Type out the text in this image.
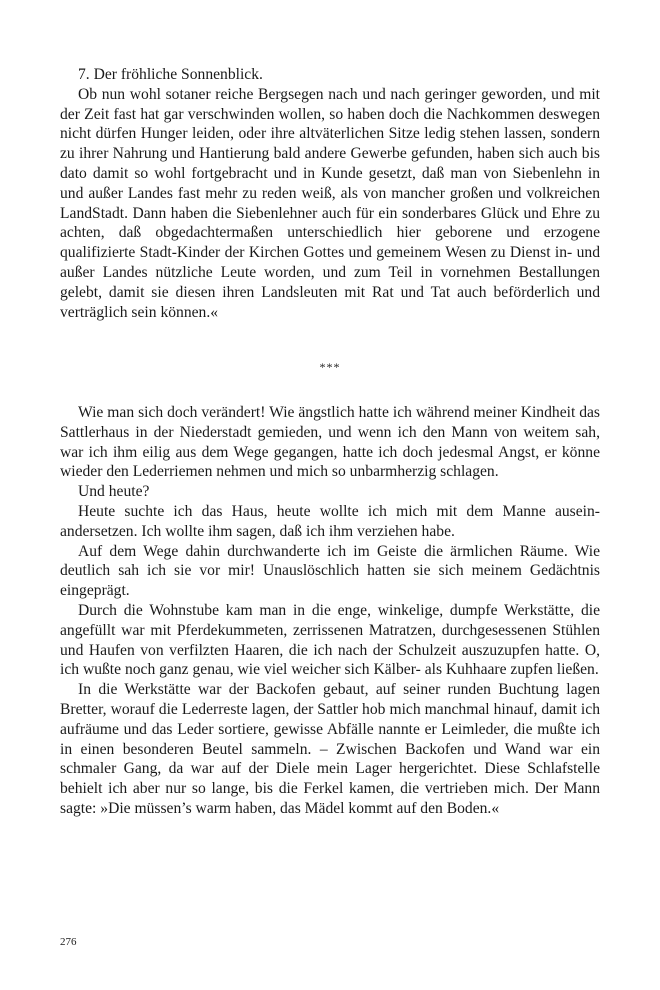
7. Der fröhliche Sonnenblick.

Ob nun wohl sotaner reiche Bergsegen nach und nach geringer geworden, und mit der Zeit fast hat gar verschwinden wollen, so haben doch die Nachkommen deswegen nicht dürfen Hunger leiden, oder ihre altväterlichen Sitze ledig stehen lassen, sondern zu ihrer Nahrung und Hantierung bald andere Gewerbe gefunden, haben sich auch bis dato damit so wohl fortgebracht und in Kunde gesetzt, daß man von Siebenlehn in und außer Landes fast mehr zu reden weiß, als von mancher großen und volkreichen LandStadt. Dann haben die Siebenlehner auch für ein sonderbares Glück und Ehre zu achten, daß obgedachtermaßen unterschiedlich hier geborene und erzogene qualifizierte Stadt-Kinder der Kirchen Gottes und gemeinem Wesen zu Dienst in- und außer Landes nützliche Leute worden, und zum Teil in vornehmen Bestallungen gelebt, damit sie diesen ihren Landsleuten mit Rat und Tat auch beförderlich und verträglich sein können.«

***

Wie man sich doch verändert! Wie ängstlich hatte ich während meiner Kindheit das Sattlerhaus in der Niederstadt gemieden, und wenn ich den Mann von weitem sah, war ich ihm eilig aus dem Wege gegangen, hatte ich doch jedesmal Angst, er könne wieder den Lederriemen nehmen und mich so unbarmherzig schlagen.

Und heute?

Heute suchte ich das Haus, heute wollte ich mich mit dem Manne auseinandersetzen. Ich wollte ihm sagen, daß ich ihm verziehen habe.

Auf dem Wege dahin durchwanderte ich im Geiste die ärmlichen Räume. Wie deutlich sah ich sie vor mir! Unauslöschlich hatten sie sich meinem Gedächtnis eingeprägt.

Durch die Wohnstube kam man in die enge, winkelige, dumpfe Werkstätte, die angefüllt war mit Pferdekummeten, zerrissenen Matratzen, durchgesessenen Stühlen und Haufen von verfilzten Haaren, die ich nach der Schulzeit auszuzupfen hatte. O, ich wußte noch ganz genau, wie viel weicher sich Kälber- als Kuhhaare zupfen ließen.

In die Werkstätte war der Backofen gebaut, auf seiner runden Buchtung lagen Bretter, worauf die Lederreste lagen, der Sattler hob mich manchmal hinauf, damit ich aufräume und das Leder sortiere, gewisse Abfälle nannte er Leimleder, die mußte ich in einen besonderen Beutel sammeln. – Zwischen Backofen und Wand war ein schmaler Gang, da war auf der Diele mein Lager hergerichtet. Diese Schlafstelle behielt ich aber nur so lange, bis die Ferkel kamen, die vertrieben mich. Der Mann sagte: »Die müssen’s warm haben, das Mädel kommt auf den Boden.«

276
